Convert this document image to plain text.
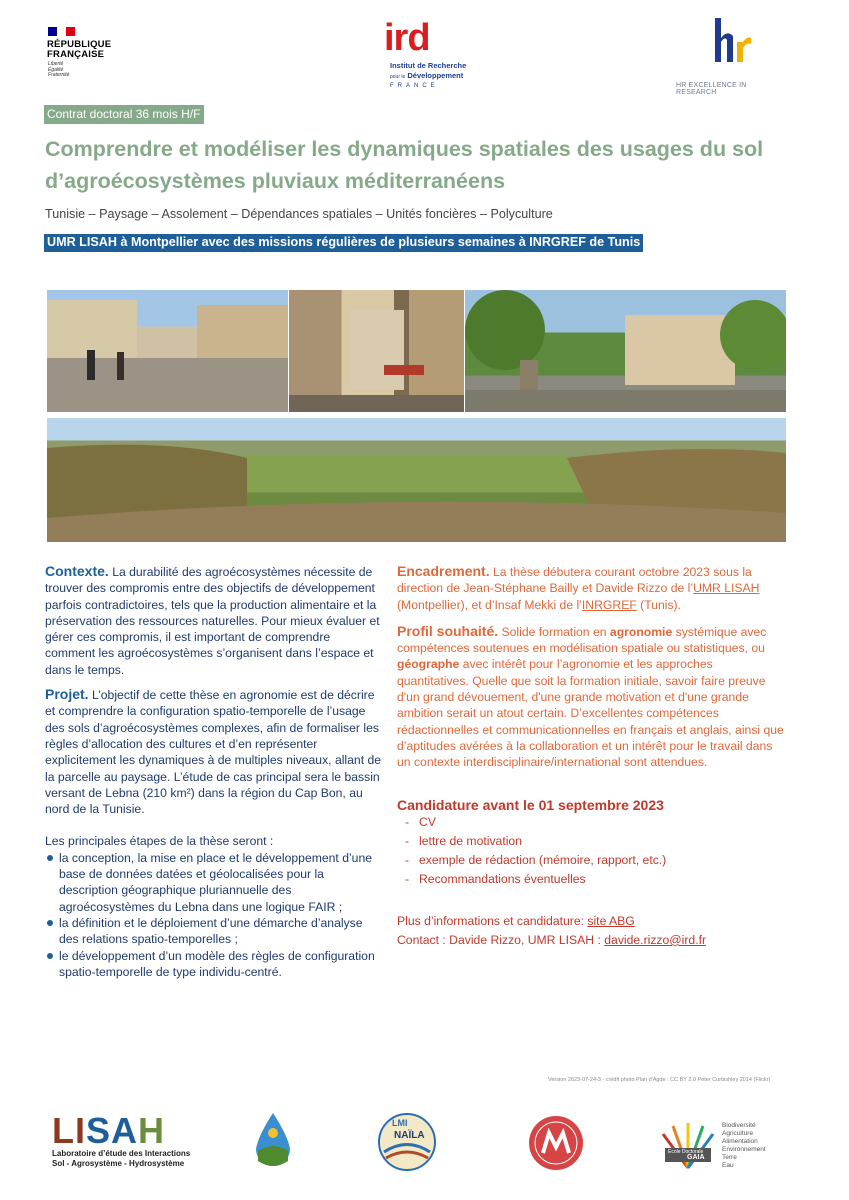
RÉPUBLIQUE
FRANÇAISE
Liberté
Égalité
Fraternité
ird
Institut de Recherche
pour le Développement
FRANCE	HR EXCELLENCE IN RESEARCH
Contrat doctoral 36 mois H/F
Comprendre et modéliser les dynamiques spatiales des usages du sol
d’agroécosystèmes pluviaux méditerranéens
Tunisie – Paysage – Assolement – Dépendances spatiales – Unités foncières – Polyculture
UMR LISAH à Montpellier avec des missions régulières de plusieurs semaines à INRGREF de Tunis

Contexte. La durabilité des agroécosystèmes nécessite de trouver des compromis entre des objectifs de développement parfois contradictoires, tels que la production alimentaire et la préservation des ressources naturelles. Pour mieux évaluer et gérer ces compromis, il est important de comprendre comment les agroécosystèmes s’organisent dans l’espace et dans le temps.

Projet. L’objectif de cette thèse en agronomie est de décrire et comprendre la configuration spatio-temporelle de l’usage des sols d’agroécosystèmes complexes, afin de formaliser les règles d’allocation des cultures et d’en représenter explicitement les dynamiques à de multiples niveaux, allant de la parcelle au paysage. L’étude de cas principal sera le bassin versant de Lebna (210 km²) dans la région du Cap Bon, au nord de la Tunisie.

Les principales étapes de la thèse seront :

la conception, la mise en place et le développement d’une base de données datées et géolocalisées pour la description géographique pluriannuelle des agroécosystèmes du Lebna dans une logique FAIR ;
la définition et le déploiement d’une démarche d’analyse des relations spatio-temporelles ;
le développement d’un modèle des règles de configuration spatio-temporelle de type individu-centré.

Encadrement. La thèse débutera courant octobre 2023 sous la direction de Jean-Stéphane Bailly et Davide Rizzo de l’UMR LISAH (Montpellier), et d’Insaf Mekki de l’INRGREF (Tunis).

Profil souhaité. Solide formation en agronomie systémique avec compétences soutenues en modélisation spatiale ou statistiques, ou géographe avec intérêt pour l’agronomie et les approches quantitatives. Quelle que soit la formation initiale, savoir faire preuve d'un grand dévouement, d'une grande motivation et d'une grande ambition serait un atout certain. D’excellentes compétences rédactionnelles et communicationnelles en français et anglais, ainsi que d’aptitudes avérées à la collaboration et un intérêt pour le travail dans un contexte interdisciplinaire/international sont attendues.

Candidature avant le 01 septembre 2023

- CV
- lettre de motivation
- exemple de rédaction (mémoire, rapport, etc.)
- Recommandations éventuelles

Plus d’informations et candidature: site ABG
Contact : Davide Rizzo, UMR LISAH : davide.rizzo@ird.fr

Version 2023-07-24-3 - crédit photo Plan d'Agde : CC BY 2.0 Peter Curbishley 2014 (Flickr)
LISAH
Laboratoire d’étude des Interactions
Sol - Agrosystème - Hydrosystème
LMI
NAÏLA
Ecole Doctorale
GAIA
Biodiversité
Agriculture
Alimentation
Environnement
Terre
Eau
